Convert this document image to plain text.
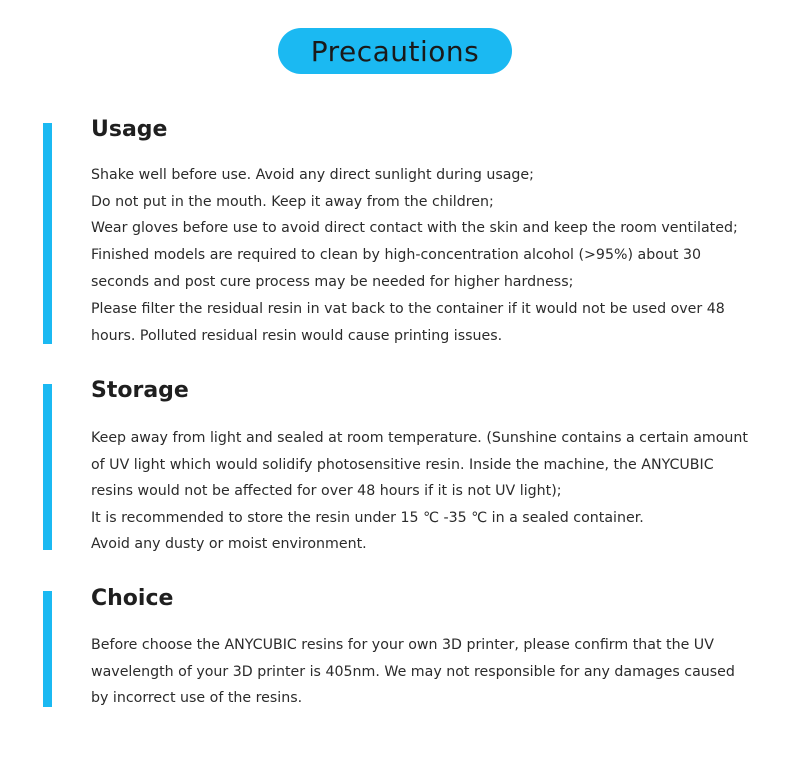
Precautions
Usage
Shake well before use. Avoid any direct sunlight during usage;
Do not put in the mouth. Keep it away from the children;
Wear gloves before use to avoid direct contact with the skin and keep the room ventilated;
Finished models are required to clean by high-concentration alcohol (>95%) about 30
seconds and post cure process may be needed for higher hardness;
Please filter the residual resin in vat back to the container if it would not be used over 48
hours. Polluted residual resin would cause printing issues.
Storage
Keep away from light and sealed at room temperature. (Sunshine contains a certain amount
of UV light which would solidify photosensitive resin. Inside the machine, the ANYCUBIC
resins would not be affected for over 48 hours if it is not UV light);
It is recommended to store the resin under 15 ℃ -35 ℃ in a sealed container.
Avoid any dusty or moist environment.
Choice
Before choose the ANYCUBIC resins for your own 3D printer, please confirm that the UV
wavelength of your 3D printer is 405nm. We may not responsible for any damages caused
by incorrect use of the resins.
